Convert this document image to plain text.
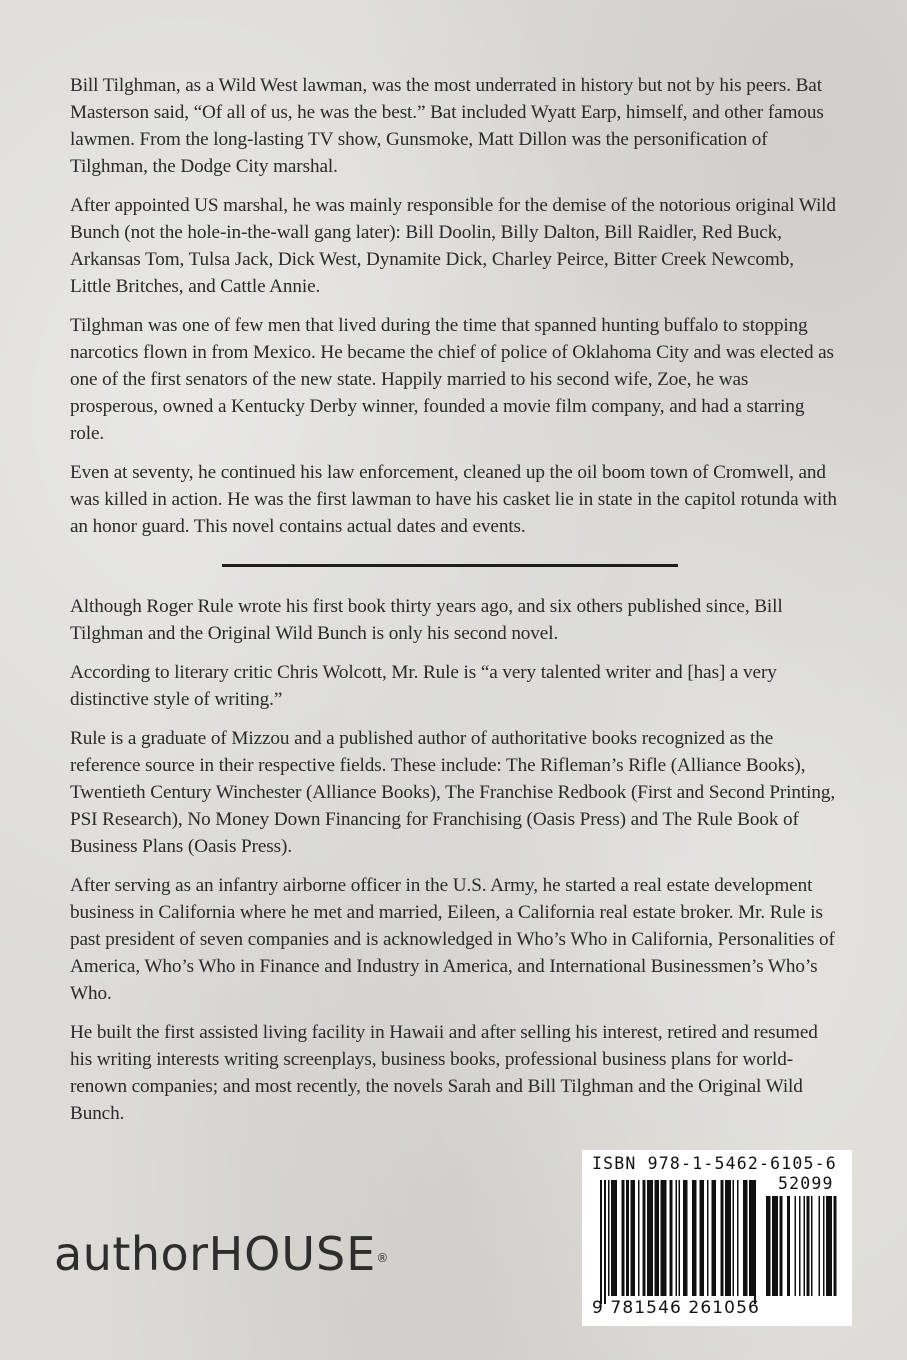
Bill Tilghman, as a Wild West lawman, was the most underrated in history but not by his peers. Bat Masterson said, “Of all of us, he was the best.” Bat included Wyatt Earp, himself, and other famous lawmen. From the long-lasting TV show, Gunsmoke, Matt Dillon was the personification of Tilghman, the Dodge City marshal.

After appointed US marshal, he was mainly responsible for the demise of the notorious original Wild Bunch (not the hole-in-the-wall gang later): Bill Doolin, Billy Dalton, Bill Raidler, Red Buck, Arkansas Tom, Tulsa Jack, Dick West, Dynamite Dick, Charley Peirce, Bitter Creek Newcomb, Little Britches, and Cattle Annie.

Tilghman was one of few men that lived during the time that spanned hunting buffalo to stopping narcotics flown in from Mexico. He became the chief of police of Oklahoma City and was elected as one of the first senators of the new state. Happily married to his second wife, Zoe, he was prosperous, owned a Kentucky Derby winner, founded a movie film company, and had a starring role.

Even at seventy, he continued his law enforcement, cleaned up the oil boom town of Cromwell, and was killed in action. He was the first lawman to have his casket lie in state in the capitol rotunda with an honor guard. This novel contains actual dates and events.

Although Roger Rule wrote his first book thirty years ago, and six others published since, Bill Tilghman and the Original Wild Bunch is only his second novel.

According to literary critic Chris Wolcott, Mr. Rule is “a very talented writer and [has] a very distinctive style of writing.”

Rule is a graduate of Mizzou and a published author of authoritative books recognized as the reference source in their respective fields. These include: The Rifleman’s Rifle (Alliance Books), Twentieth Century Winchester (Alliance Books), The Franchise Redbook (First and Second Printing, PSI Research), No Money Down Financing for Franchising (Oasis Press) and The Rule Book of Business Plans (Oasis Press).

After serving as an infantry airborne officer in the U.S. Army, he started a real estate development business in California where he met and married, Eileen, a California real estate broker. Mr. Rule is past president of seven companies and is acknowledged in Who’s Who in California, Personalities of America, Who’s Who in Finance and Industry in America, and International Businessmen’s Who’s Who.

He built the first assisted living facility in Hawaii and after selling his interest, retired and resumed his writing interests writing screenplays, business books, professional business plans for world-renown companies; and most recently, the novels Sarah and Bill Tilghman and the Original Wild Bunch.

authorHOUSE®
ISBN 978-1-5462-6105-6
52099
9 781546 261056
